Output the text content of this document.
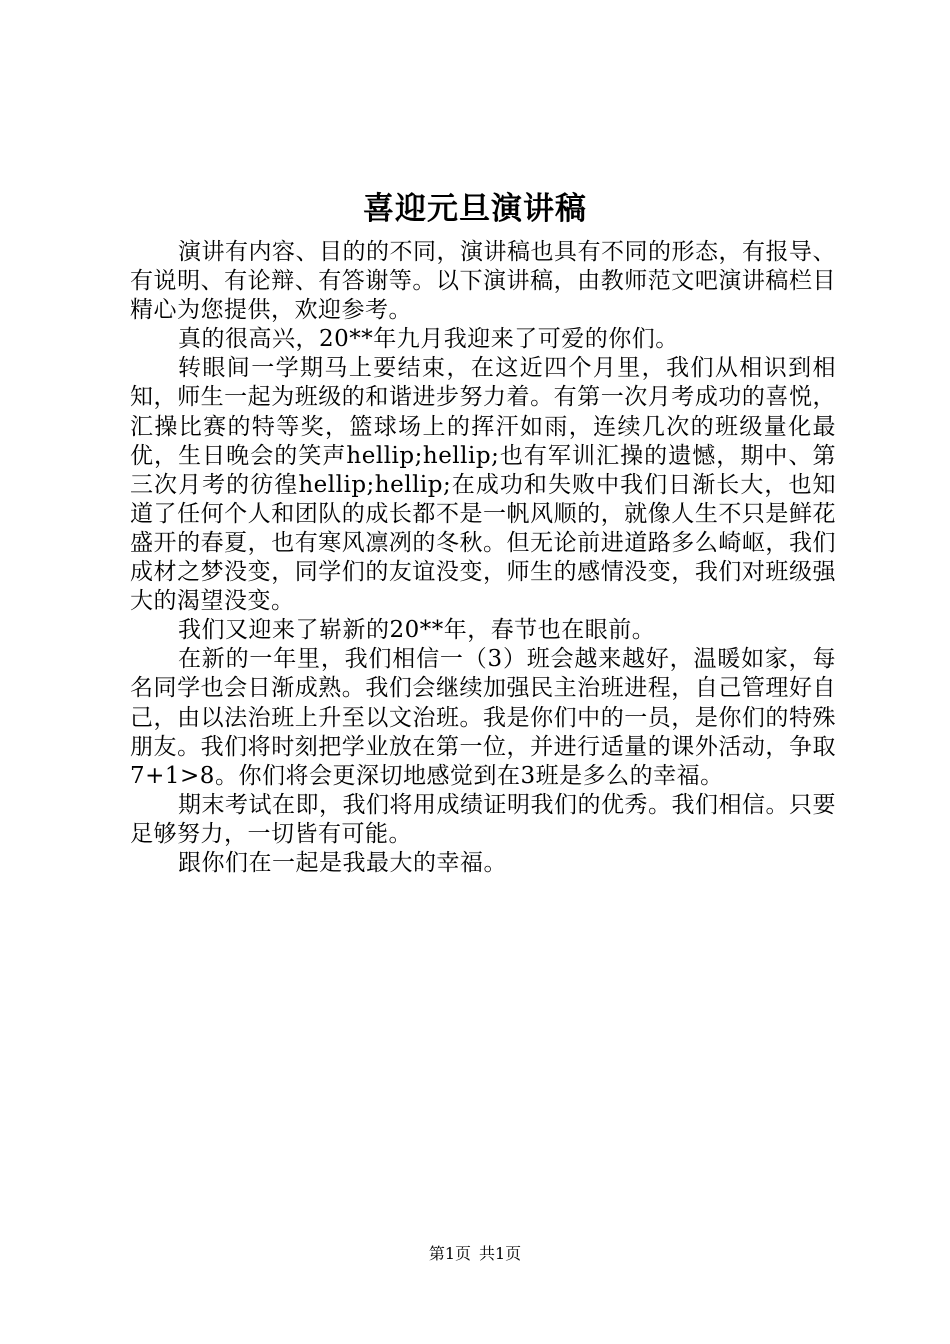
喜迎元旦演讲稿

演讲有内容、目的的不同，演讲稿也具有不同的形态，有报导、有说明、有论辩、有答谢等。以下演讲稿，由教师范文吧演讲稿栏目精心为您提供，欢迎参考。

真的很高兴，20**年九月我迎来了可爱的你们。

转眼间一学期马上要结束，在这近四个月里，我们从相识到相知，师生一起为班级的和谐进步努力着。有第一次月考成功的喜悦，汇操比赛的特等奖，篮球场上的挥汗如雨，连续几次的班级量化最优，生日晚会的笑声hellip;hellip;也有军训汇操的遗憾，期中、第三次月考的彷徨hellip;hellip;在成功和失败中我们日渐长大，也知道了任何个人和团队的成长都不是一帆风顺的，就像人生不只是鲜花盛开的春夏，也有寒风凛冽的冬秋。但无论前进道路多么崎岖，我们成材之梦没变，同学们的友谊没变，师生的感情没变，我们对班级强大的渴望没变。

我们又迎来了崭新的20**年，春节也在眼前。

在新的一年里，我们相信一（3）班会越来越好，温暖如家，每名同学也会日渐成熟。我们会继续加强民主治班进程，自己管理好自己，由以法治班上升至以文治班。我是你们中的一员，是你们的特殊朋友。我们将时刻把学业放在第一位，并进行适量的课外活动，争取7+1>8。你们将会更深切地感觉到在3班是多么的幸福。

期末考试在即，我们将用成绩证明我们的优秀。我们相信。只要足够努力，一切皆有可能。

跟你们在一起是我最大的幸福。

第1页 共1页
